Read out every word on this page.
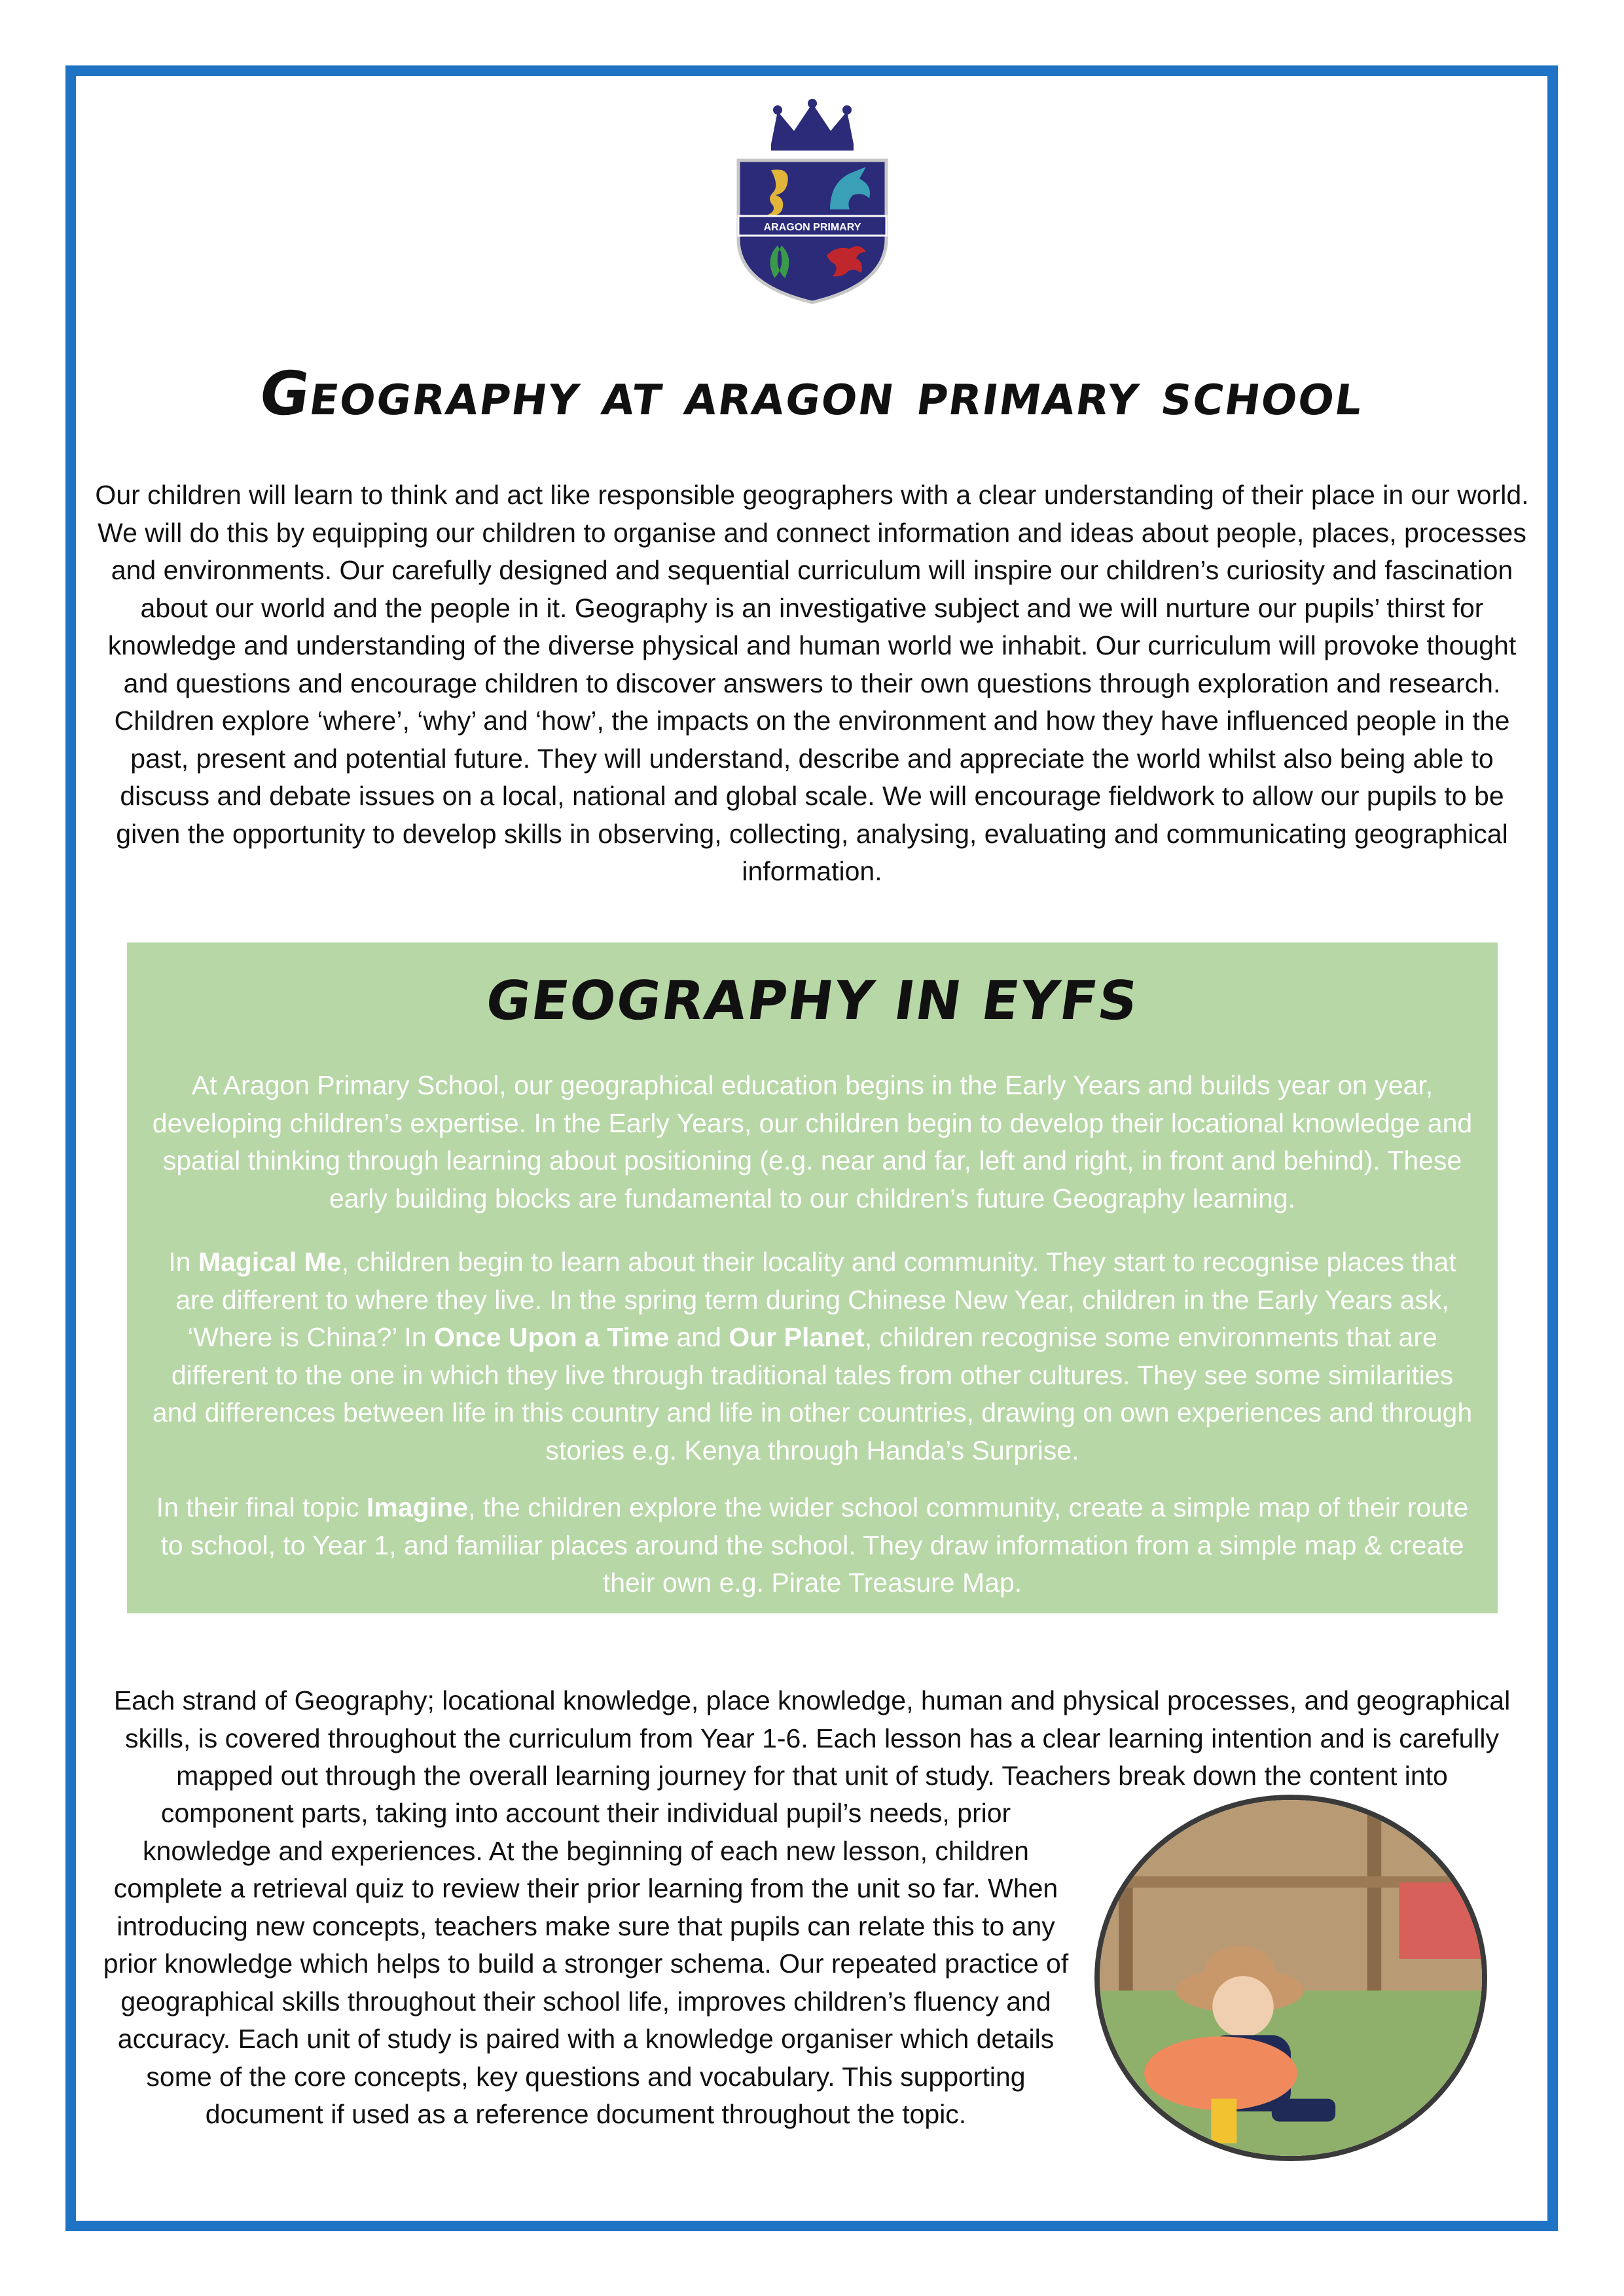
ARAGON PRIMARY
Geography at aragon primary school
Our children will learn to think and act like responsible geographers with a clear understanding of their place in our world. We will do this by equipping our children to organise and connect information and ideas about people, places, processes and environments. Our carefully designed and sequential curriculum will inspire our children’s curiosity and fascination about our world and the people in it. Geography is an investigative subject and we will nurture our pupils’ thirst for knowledge and understanding of the diverse physical and human world we inhabit. Our curriculum will provoke thought and questions and encourage children to discover answers to their own questions through exploration and research. Children explore ‘where’, ‘why’ and ‘how’, the impacts on the environment and how they have influenced people in the past, present and potential future. They will understand, describe and appreciate the world whilst also being able to discuss and debate issues on a local, national and global scale. We will encourage fieldwork to allow our pupils to be given the opportunity to develop skills in observing, collecting, analysing, evaluating and communicating geographical information.
GEOGRAPHY IN EYFS
At Aragon Primary School, our geographical education begins in the Early Years and builds year on year, developing children’s expertise. In the Early Years, our children begin to develop their locational knowledge and spatial thinking through learning about positioning (e.g. near and far, left and right, in front and behind). These early building blocks are fundamental to our children’s future Geography learning.
In Magical Me, children begin to learn about their locality and community. They start to recognise places that are different to where they live. In the spring term during Chinese New Year, children in the Early Years ask, ‘Where is China?’ In Once Upon a Time and Our Planet, children recognise some environments that are different to the one in which they live through traditional tales from other cultures. They see some similarities and differences between life in this country and life in other countries, drawing on own experiences and through stories e.g. Kenya through Handa’s Surprise.
In their final topic Imagine, the children explore the wider school community, create a simple map of their route to school, to Year 1, and familiar places around the school. They draw information from a simple map & create their own e.g. Pirate Treasure Map.
Each strand of Geography; locational knowledge, place knowledge, human and physical processes, and geographical skills, is covered throughout the curriculum from Year 1-6. Each lesson has a clear learning intention and is carefully mapped out through the overall learning journey for that unit of study. Teachers break down the content into
component parts, taking into account their individual pupil’s needs, prior knowledge and experiences. At the beginning of each new lesson, children complete a retrieval quiz to review their prior learning from the unit so far. When introducing new concepts, teachers make sure that pupils can relate this to any prior knowledge which helps to build a stronger schema. Our repeated practice of geographical skills throughout their school life, improves children’s fluency and accuracy. Each unit of study is paired with a knowledge organiser which details some of the core concepts, key questions and vocabulary. This supporting document if used as a reference document throughout the topic.
